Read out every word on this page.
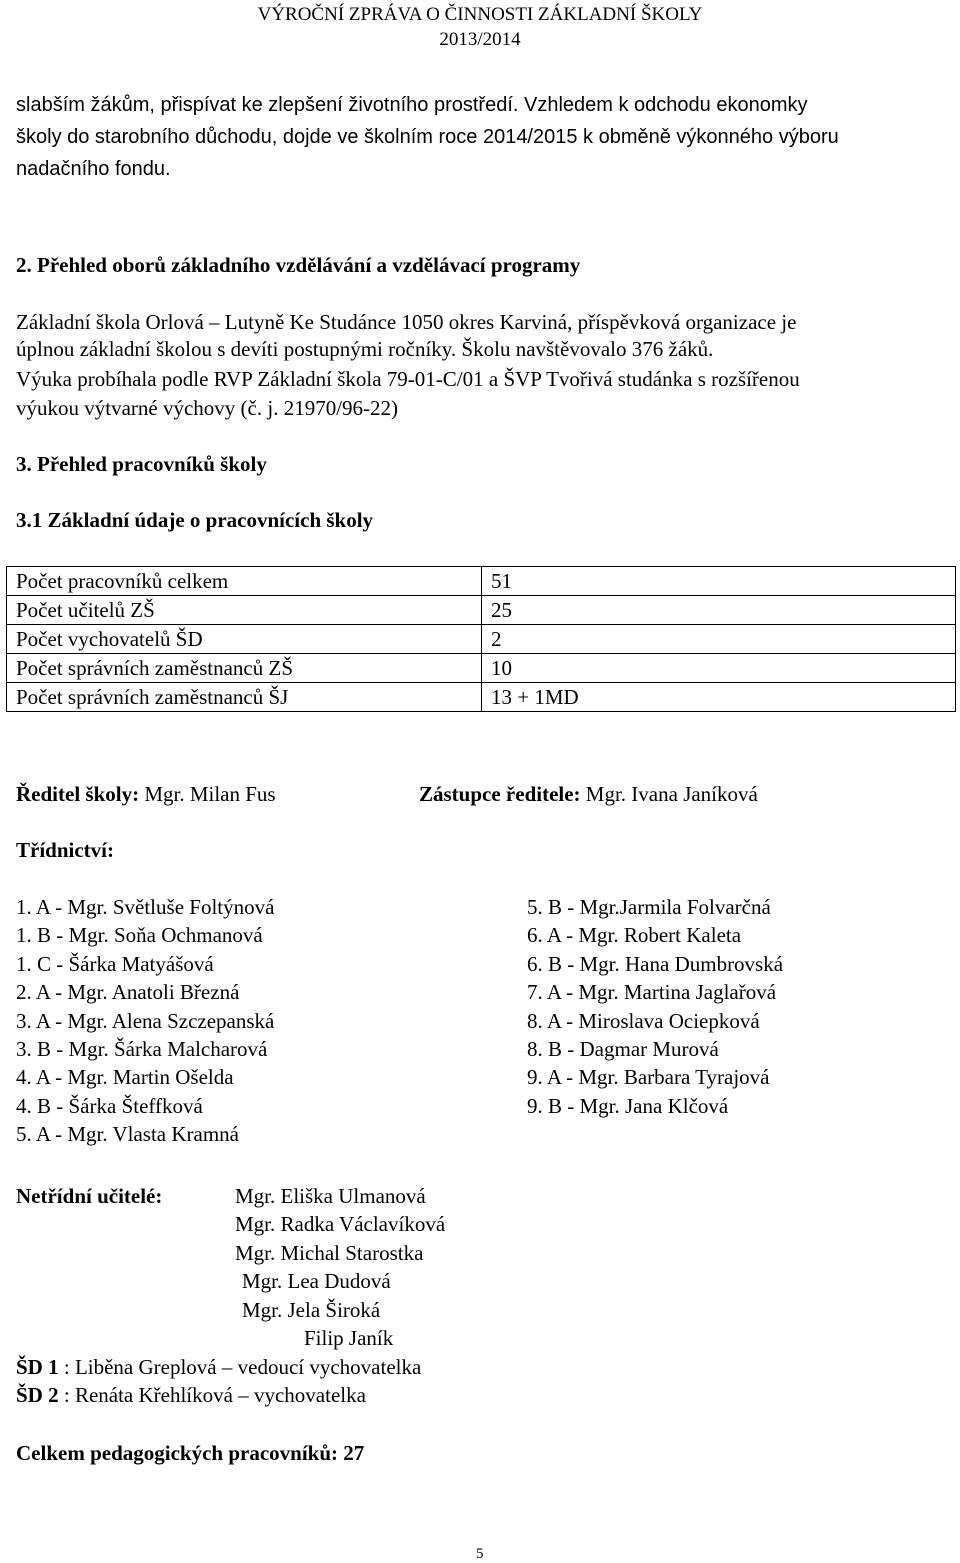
VÝROČNÍ ZPRÁVA O ČINNOSTI ZÁKLADNÍ ŠKOLY
2013/2014
slabším žákům, přispívat ke zlepšení životního prostředí. Vzhledem k odchodu ekonomky
školy do starobního důchodu, dojde ve školním roce 2014/2015 k obměně výkonného výboru
nadačního fondu.
2. Přehled oborů základního vzdělávání a vzdělávací programy
Základní škola Orlová – Lutyně Ke Studánce 1050 okres Karviná, příspěvková organizace je
úplnou základní školou s devíti postupnými ročníky. Školu navštěvovalo 376 žáků.
Výuka probíhala podle RVP Základní škola 79-01-C/01 a ŠVP Tvořivá studánka s rozšířenou
výukou výtvarné výchovy (č. j. 21970/96-22)
3. Přehled pracovníků školy
3.1 Základní údaje o pracovnících školy
Počet pracovníků celkem	51
Počet učitelů ZŠ	25
Počet vychovatelů ŠD	2
Počet správních zaměstnanců ZŠ	10
Počet správních zaměstnanců ŠJ	13 + 1MD
Ředitel školy: Mgr. Milan Fus	Zástupce ředitele: Mgr. Ivana Janíková
Třídnictví:
1. A - Mgr. Světluše Foltýnová
1. B - Mgr. Soňa Ochmanová
1. C - Šárka Matyášová
2. A - Mgr. Anatoli Březná
3. A - Mgr. Alena Szczepanská
3. B - Mgr. Šárka Malcharová
4. A - Mgr. Martin Ošelda
4. B - Šárka Šteffková
5. A - Mgr. Vlasta Kramná
5. B - Mgr.Jarmila Folvarčná
6. A - Mgr. Robert Kaleta
6. B - Mgr. Hana Dumbrovská
7. A - Mgr. Martina Jaglařová
8. A - Miroslava Ociepková
8. B - Dagmar Murová
9. A - Mgr. Barbara Tyrajová
9. B - Mgr. Jana Klčová
Netřídní učitelé:	Mgr. Eliška Ulmanová
Mgr. Radka Václavíková
Mgr. Michal Starostka
Mgr. Lea Dudová
Mgr. Jela Široká
Filip Janík
ŠD 1 : Liběna Greplová – vedoucí vychovatelka
ŠD 2 : Renáta Křehlíková – vychovatelka
Celkem pedagogických pracovníků: 27
5
